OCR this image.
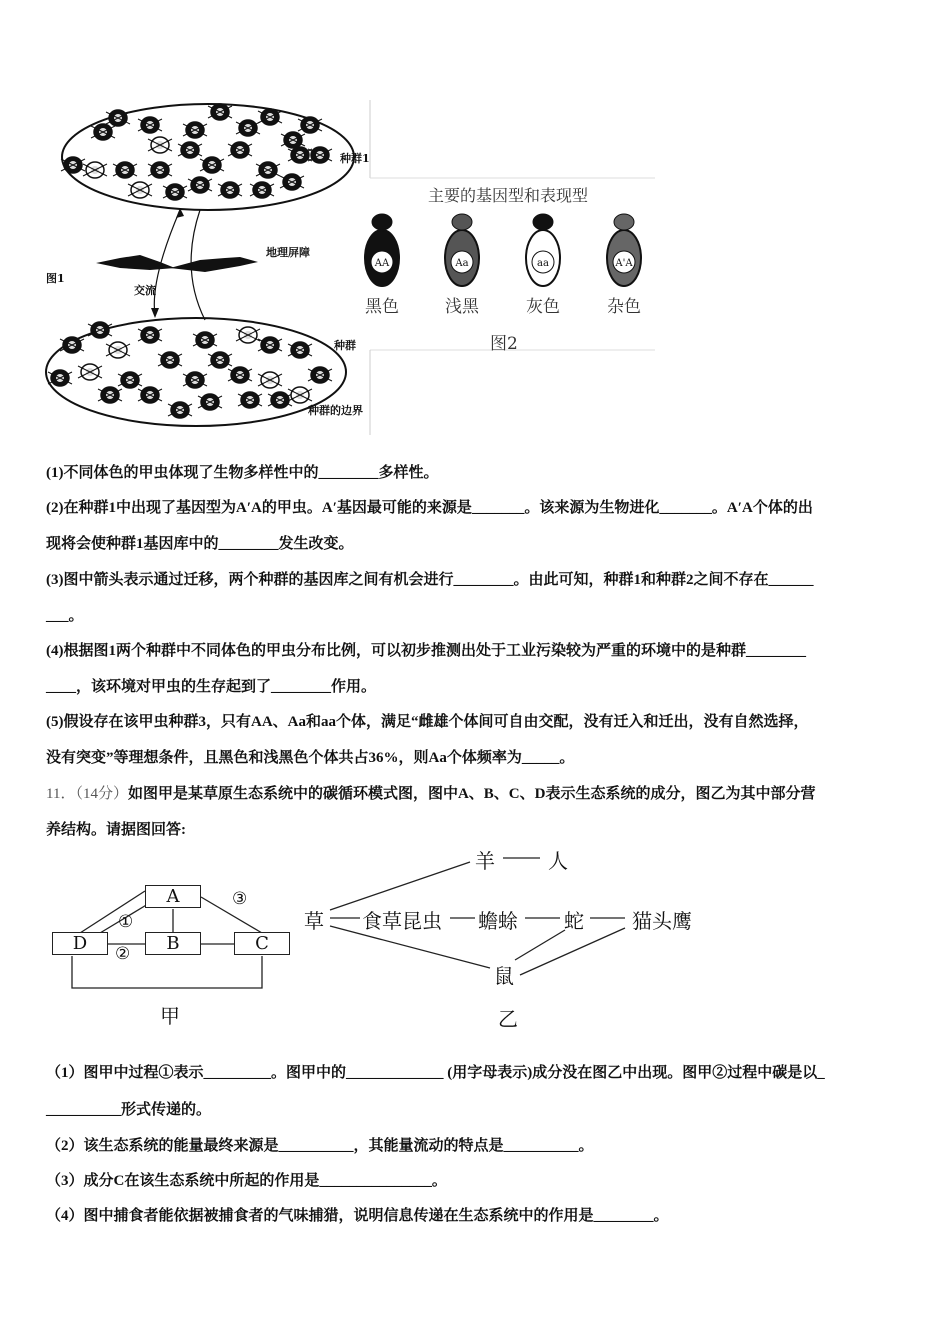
AA	Aa	aa	A'A
种群1
地理屏障
图1
交流
种群
种群的边界
主要的基因型和表现型
黑色	浅黑	灰色	杂色
图2
(1)不同体色的甲虫体现了生物多样性中的________多样性。
(2)在种群1中出现了基因型为A′A的甲虫。A′基因最可能的来源是_______。该来源为生物进化_______。A′A个体的出
现将会使种群1基因库中的________发生改变。
(3)图中箭头表示通过迁移，两个种群的基因库之间有机会进行________。由此可知，种群1和种群2之间不存在______
___。
(4)根据图1两个种群中不同体色的甲虫分布比例，可以初步推测出处于工业污染较为严重的环境中的是种群________
____，该环境对甲虫的生存起到了________作用。
(5)假设存在该甲虫种群3，只有AA、Aa和aa个体，满足“雌雄个体间可自由交配，没有迁入和迁出，没有自然选择，
没有突变”等理想条件，且黑色和浅黑色个体共占36%，则Aa个体频率为_____。
11．（14分）如图甲是某草原生态系统中的碳循环模式图，图中A、B、C、D表示生态系统的成分，图乙为其中部分营
养结构。请据图回答:
A
B	C
D
①
②
③
甲
草 食草昆虫 蟾蜍 蛇 猫头鹰
羊	人
鼠
乙
（1）图甲中过程①表示_________。图甲中的_____________ (用字母表示)成分没在图乙中出现。图甲②过程中碳是以_
__________形式传递的。
（2）该生态系统的能量最终来源是__________，其能量流动的特点是__________。
（3）成分C在该生态系统中所起的作用是_______________。
（4）图中捕食者能依据被捕食者的气味捕猎，说明信息传递在生态系统中的作用是________。
